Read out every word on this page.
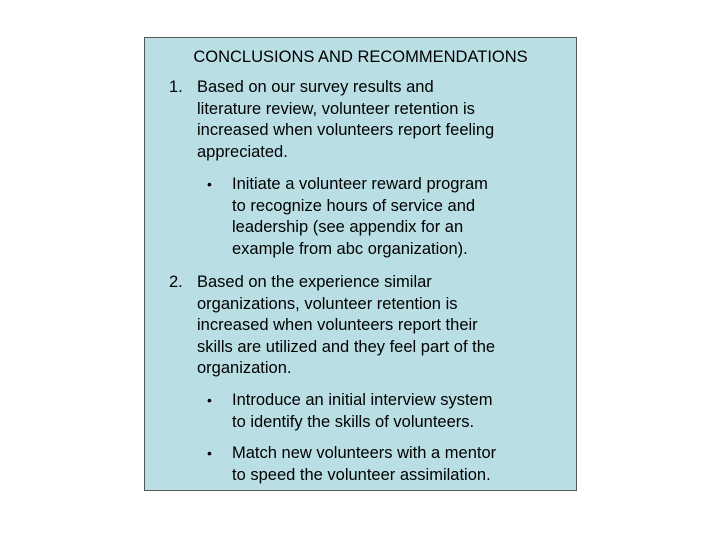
CONCLUSIONS AND RECOMMENDATIONS
1. Based on our survey results and
literature review, volunteer retention is
increased when volunteers report feeling
appreciated.
• Initiate a volunteer reward program
to recognize hours of service and
leadership (see appendix for an
example from abc organization).
2. Based on the experience similar
organizations, volunteer retention is
increased when volunteers report their
skills are utilized and they feel part of the
organization.
• Introduce an initial interview system
to identify the skills of volunteers.
• Match new volunteers with a mentor
to speed the volunteer assimilation.
